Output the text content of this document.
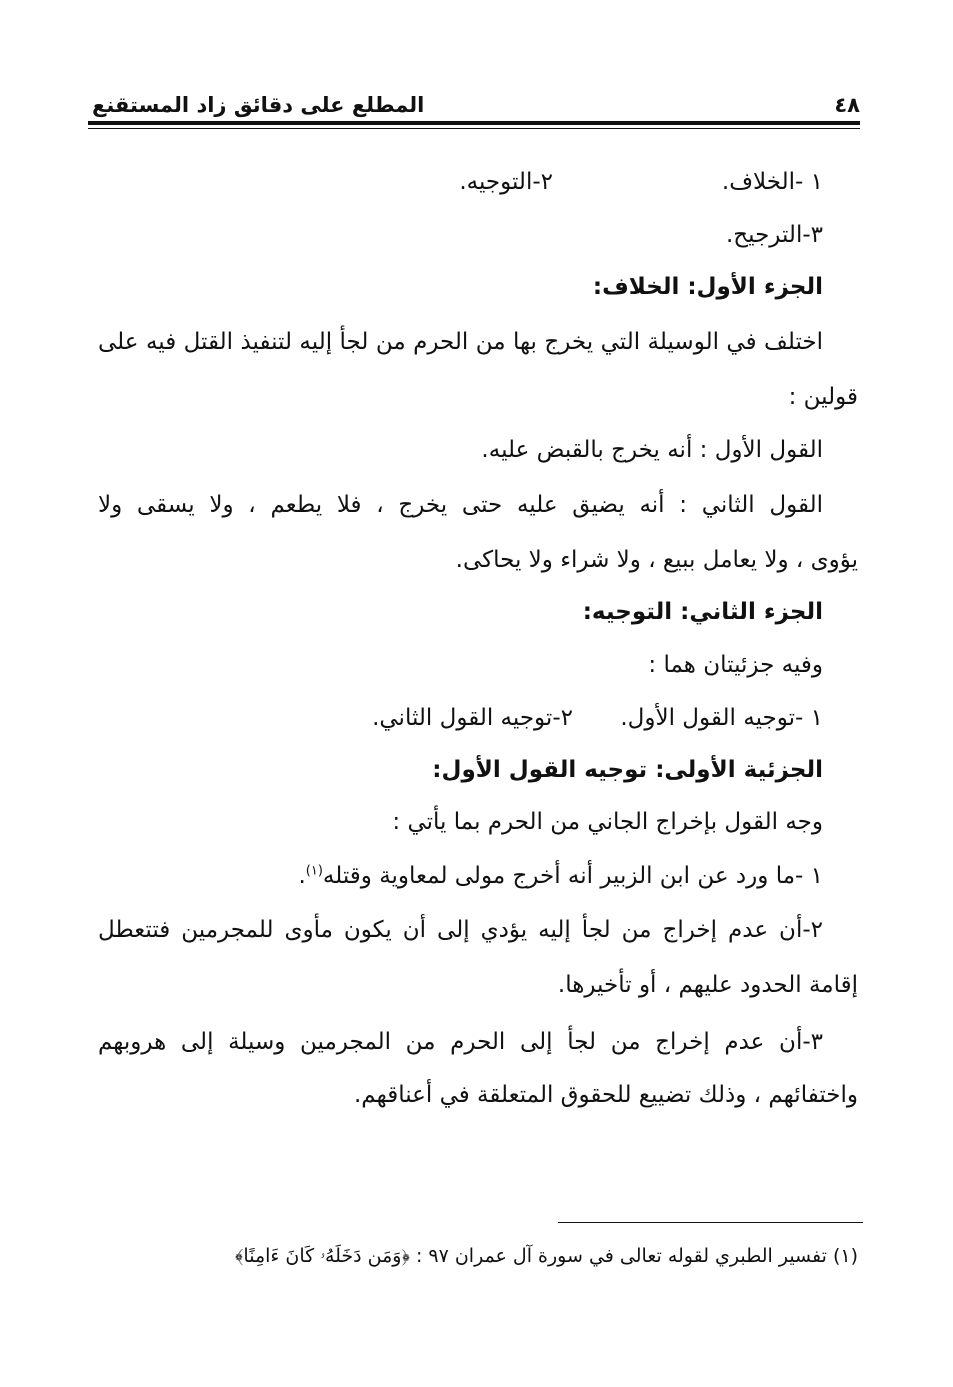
٤٨
المطلع على دقائق زاد المستقنع
١ -الخلاف.
٢-التوجيه.
٣-الترجيح.
الجزء الأول: الخلاف:
اختلف في الوسيلة التي يخرج بها من الحرم من لجأ إليه لتنفيذ القتل فيه على
قولين :
القول الأول : أنه يخرج بالقبض عليه.
القول الثاني : أنه يضيق عليه حتى يخرج ، فلا يطعم ، ولا يسقى ولا
يؤوى ، ولا يعامل ببيع ، ولا شراء ولا يحاكى.
الجزء الثاني: التوجيه:
وفيه جزئيتان هما :
١ -توجيه القول الأول.
٢-توجيه القول الثاني.
الجزئية الأولى: توجيه القول الأول:
وجه القول بإخراج الجاني من الحرم بما يأتي :
١ -ما ورد عن ابن الزبير أنه أخرج مولى لمعاوية وقتله$^{(١)}$.
٢-أن عدم إخراج من لجأ إليه يؤدي إلى أن يكون مأوى للمجرمين فتتعطل
إقامة الحدود عليهم ، أو تأخيرها.
٣-أن عدم إخراج من لجأ إلى الحرم من المجرمين وسيلة إلى هروبهم
واختفائهم ، وذلك تضييع للحقوق المتعلقة في أعناقهم.
(١) تفسير الطبري لقوله تعالى في سورة آل عمران ٩٧ : ﴿وَمَن دَخَلَهُۥ كَانَ ءَامِنًا﴾
